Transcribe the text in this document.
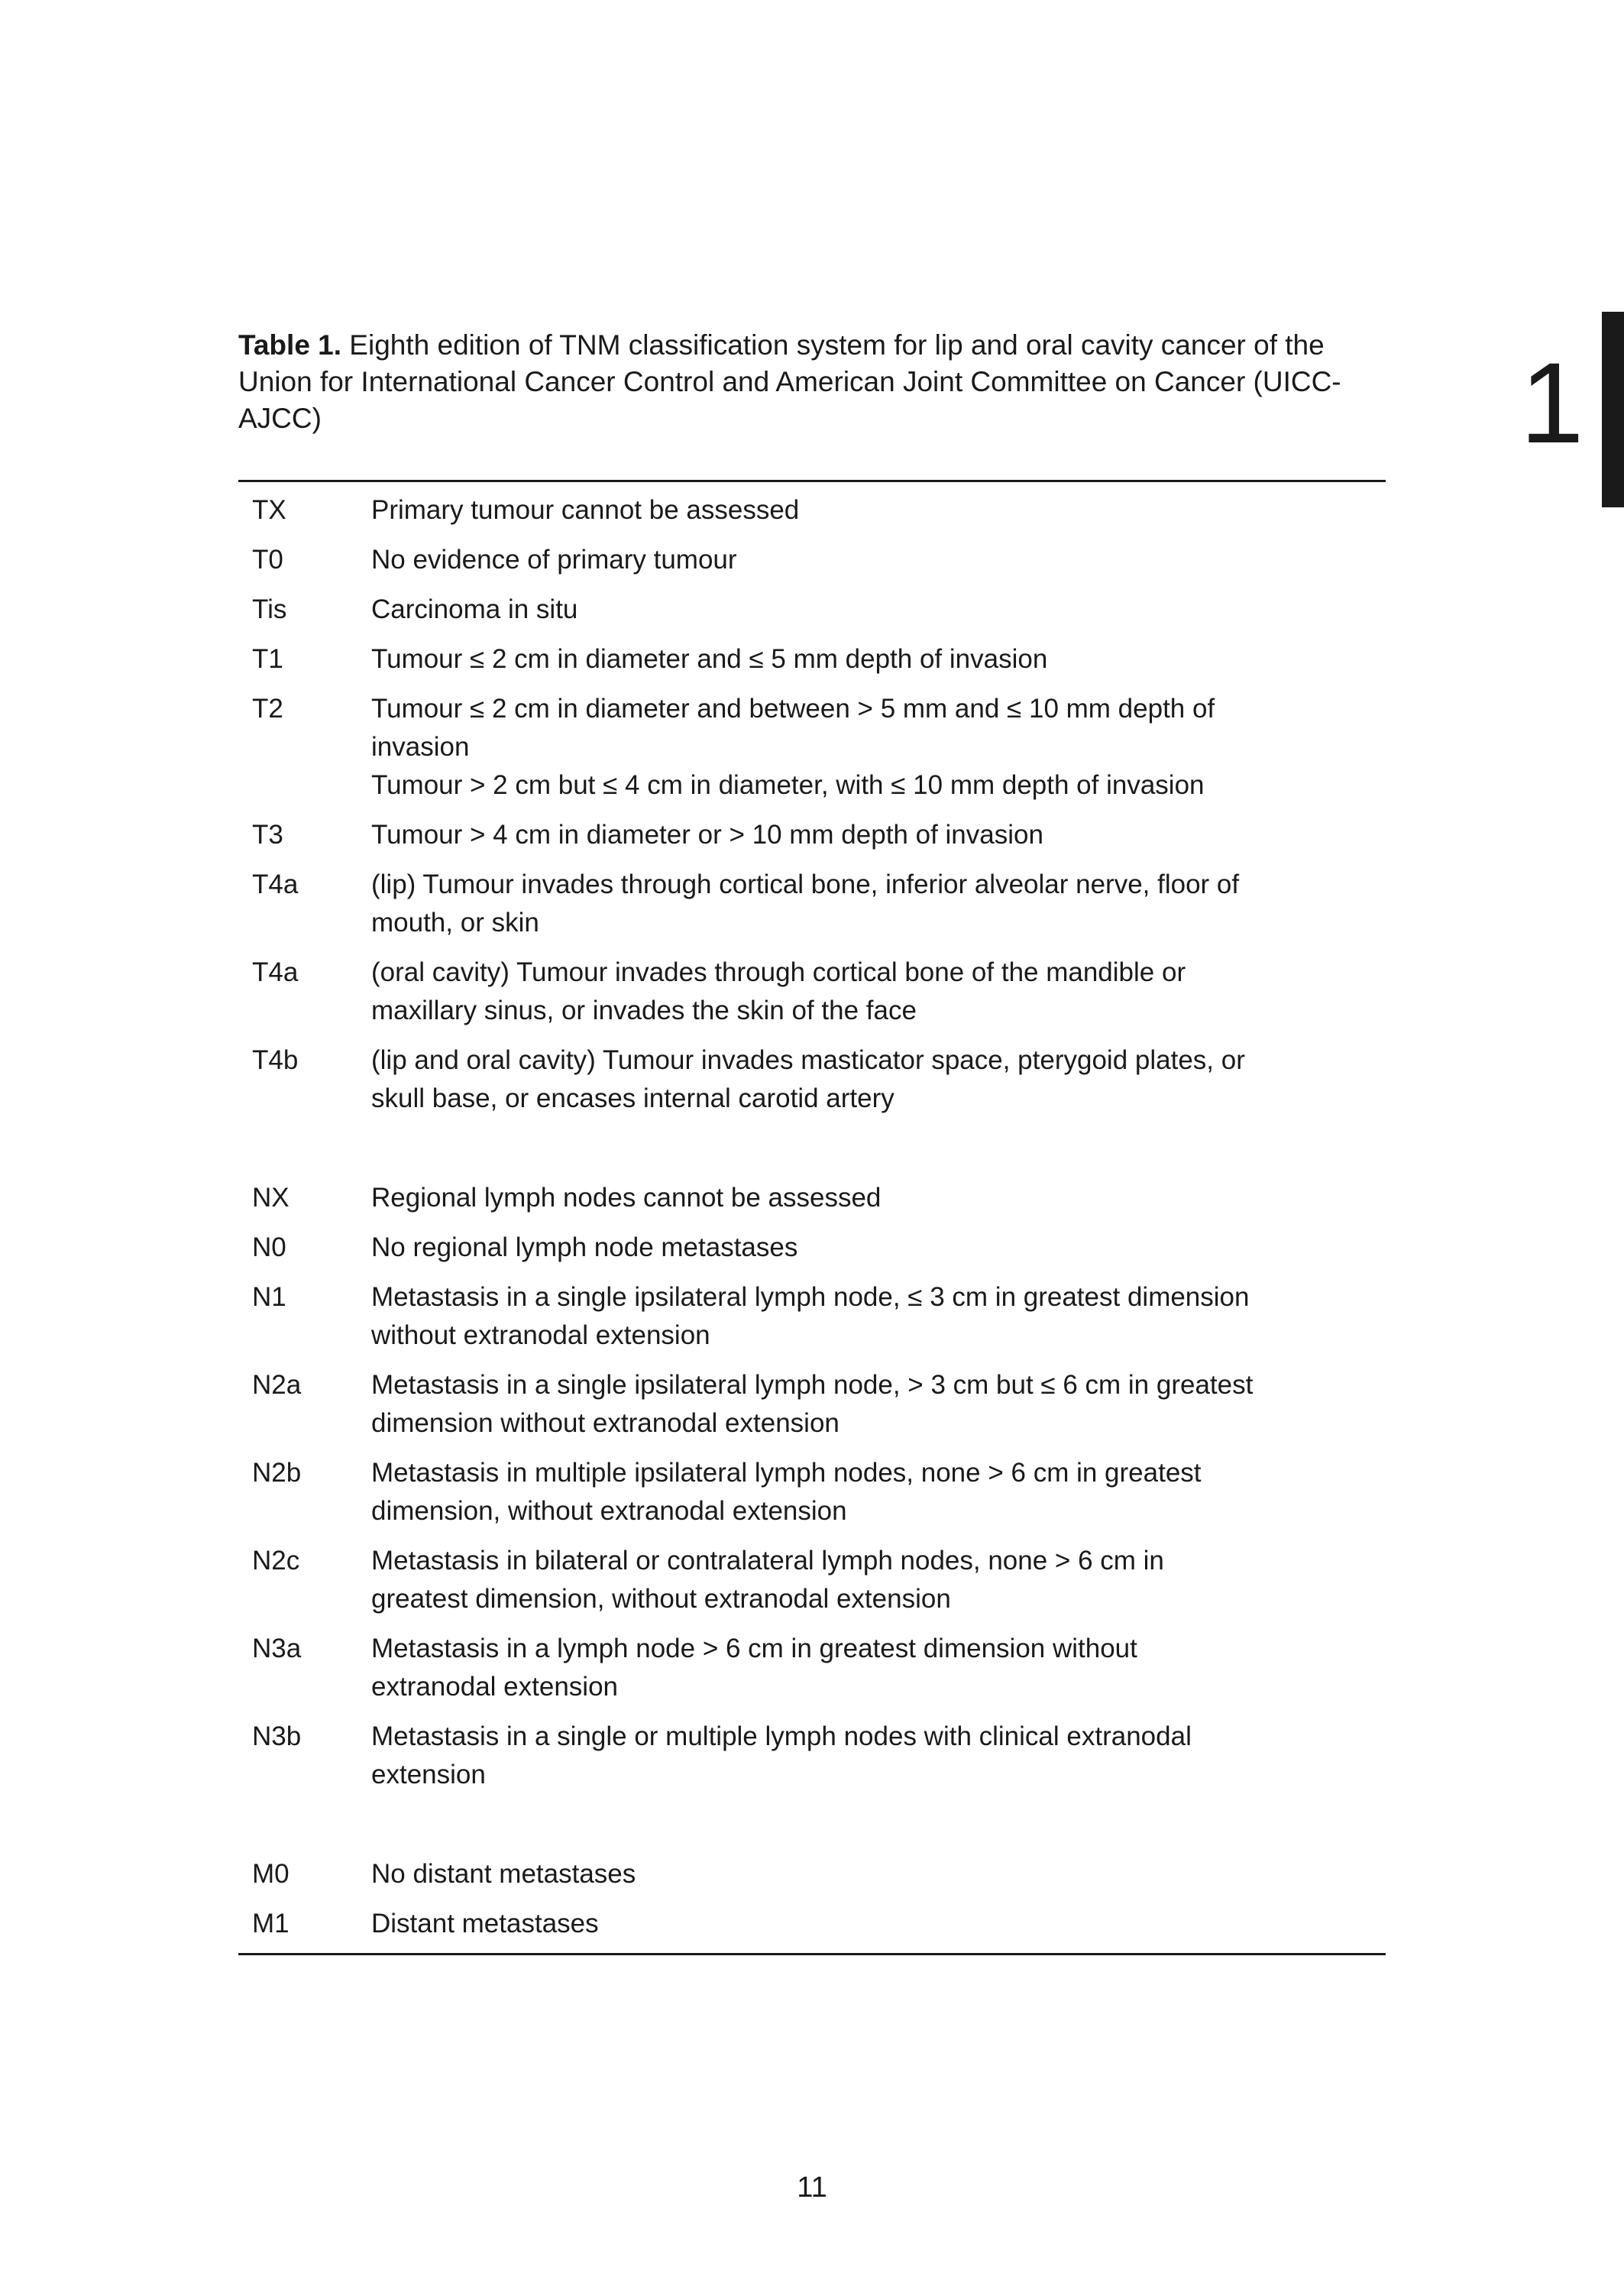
Table 1. Eighth edition of TNM classification system for lip and oral cavity cancer of the Union for International Cancer Control and American Joint Committee on Cancer (UICC-AJCC)	1
TX	Primary tumour cannot be assessed
T0	No evidence of primary tumour
Tis	Carcinoma in situ
T1	Tumour ≤ 2 cm in diameter and ≤ 5 mm depth of invasion
T2	Tumour ≤ 2 cm in diameter and between > 5 mm and ≤ 10 mm depth of
invasion
Tumour > 2 cm but ≤ 4 cm in diameter, with ≤ 10 mm depth of invasion
T3	Tumour > 4 cm in diameter or > 10 mm depth of invasion
T4a	(lip) Tumour invades through cortical bone, inferior alveolar nerve, floor of
mouth, or skin
T4a	(oral cavity) Tumour invades through cortical bone of the mandible or
maxillary sinus, or invades the skin of the face
T4b	(lip and oral cavity) Tumour invades masticator space, pterygoid plates, or
skull base, or encases internal carotid artery
NX	Regional lymph nodes cannot be assessed
N0	No regional lymph node metastases
N1	Metastasis in a single ipsilateral lymph node, ≤ 3 cm in greatest dimension
without extranodal extension
N2a	Metastasis in a single ipsilateral lymph node, > 3 cm but ≤ 6 cm in greatest
dimension without extranodal extension
N2b	Metastasis in multiple ipsilateral lymph nodes, none > 6 cm in greatest
dimension, without extranodal extension
N2c	Metastasis in bilateral or contralateral lymph nodes, none > 6 cm in
greatest dimension, without extranodal extension
N3a	Metastasis in a lymph node > 6 cm in greatest dimension without
extranodal extension
N3b	Metastasis in a single or multiple lymph nodes with clinical extranodal
extension
M0	No distant metastases
M1	Distant metastases
11
